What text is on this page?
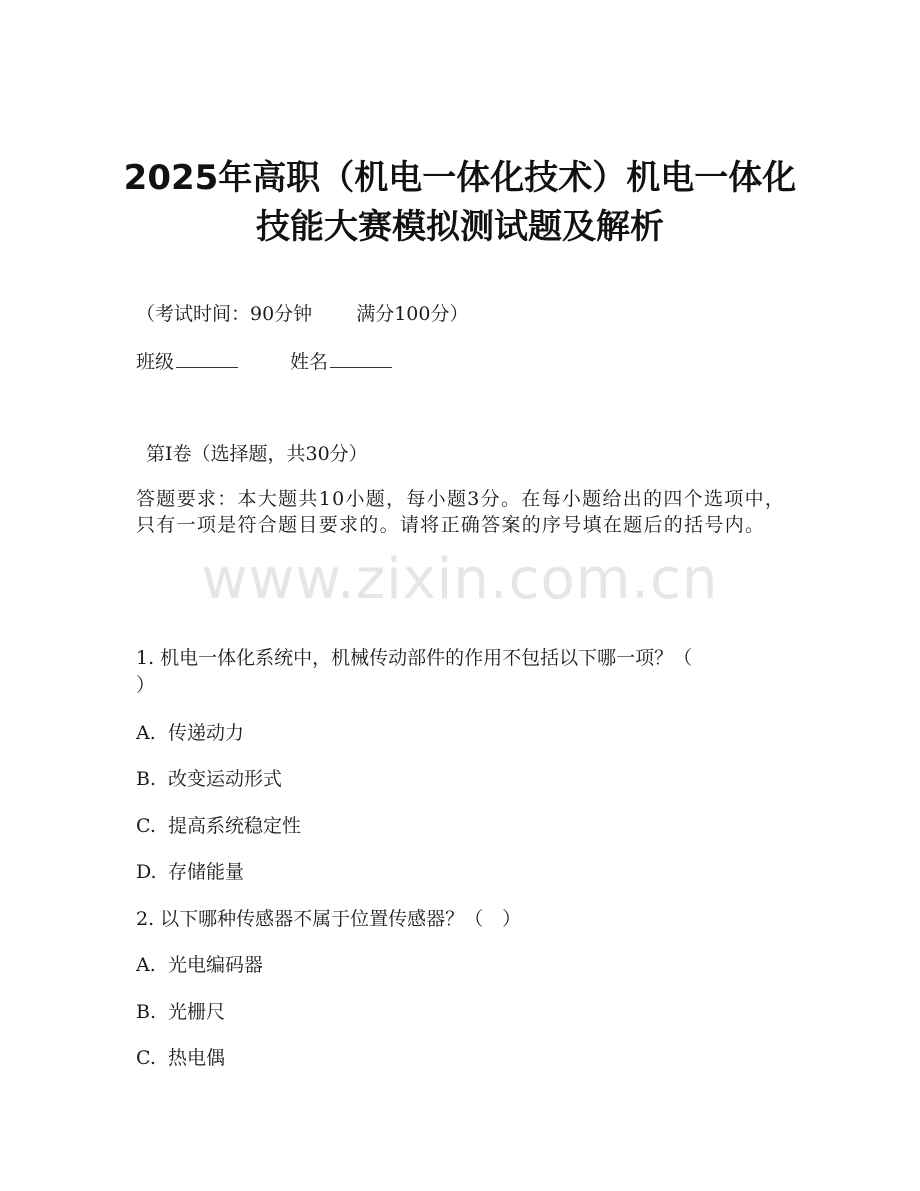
2025年高职（机电一体化技术）机电一体化
技能大赛模拟测试题及解析
（考试时间：90分钟 满分100分）
班级	姓名
第Ⅰ卷（选择题，共30分）
答题要求：本大题共10小题，每小题3分。在每小题给出的四个选项中，只有一项是符合题目要求的。请将正确答案的序号填在题后的括号内。
www.zixin.com.cn
1. 机电一体化系统中，机械传动部件的作用不包括以下哪一项？（
）
A. 传递动力
B. 改变运动形式
C. 提高系统稳定性
D. 存储能量
2. 以下哪种传感器不属于位置传感器？（　）
A. 光电编码器
B. 光栅尺
C. 热电偶
